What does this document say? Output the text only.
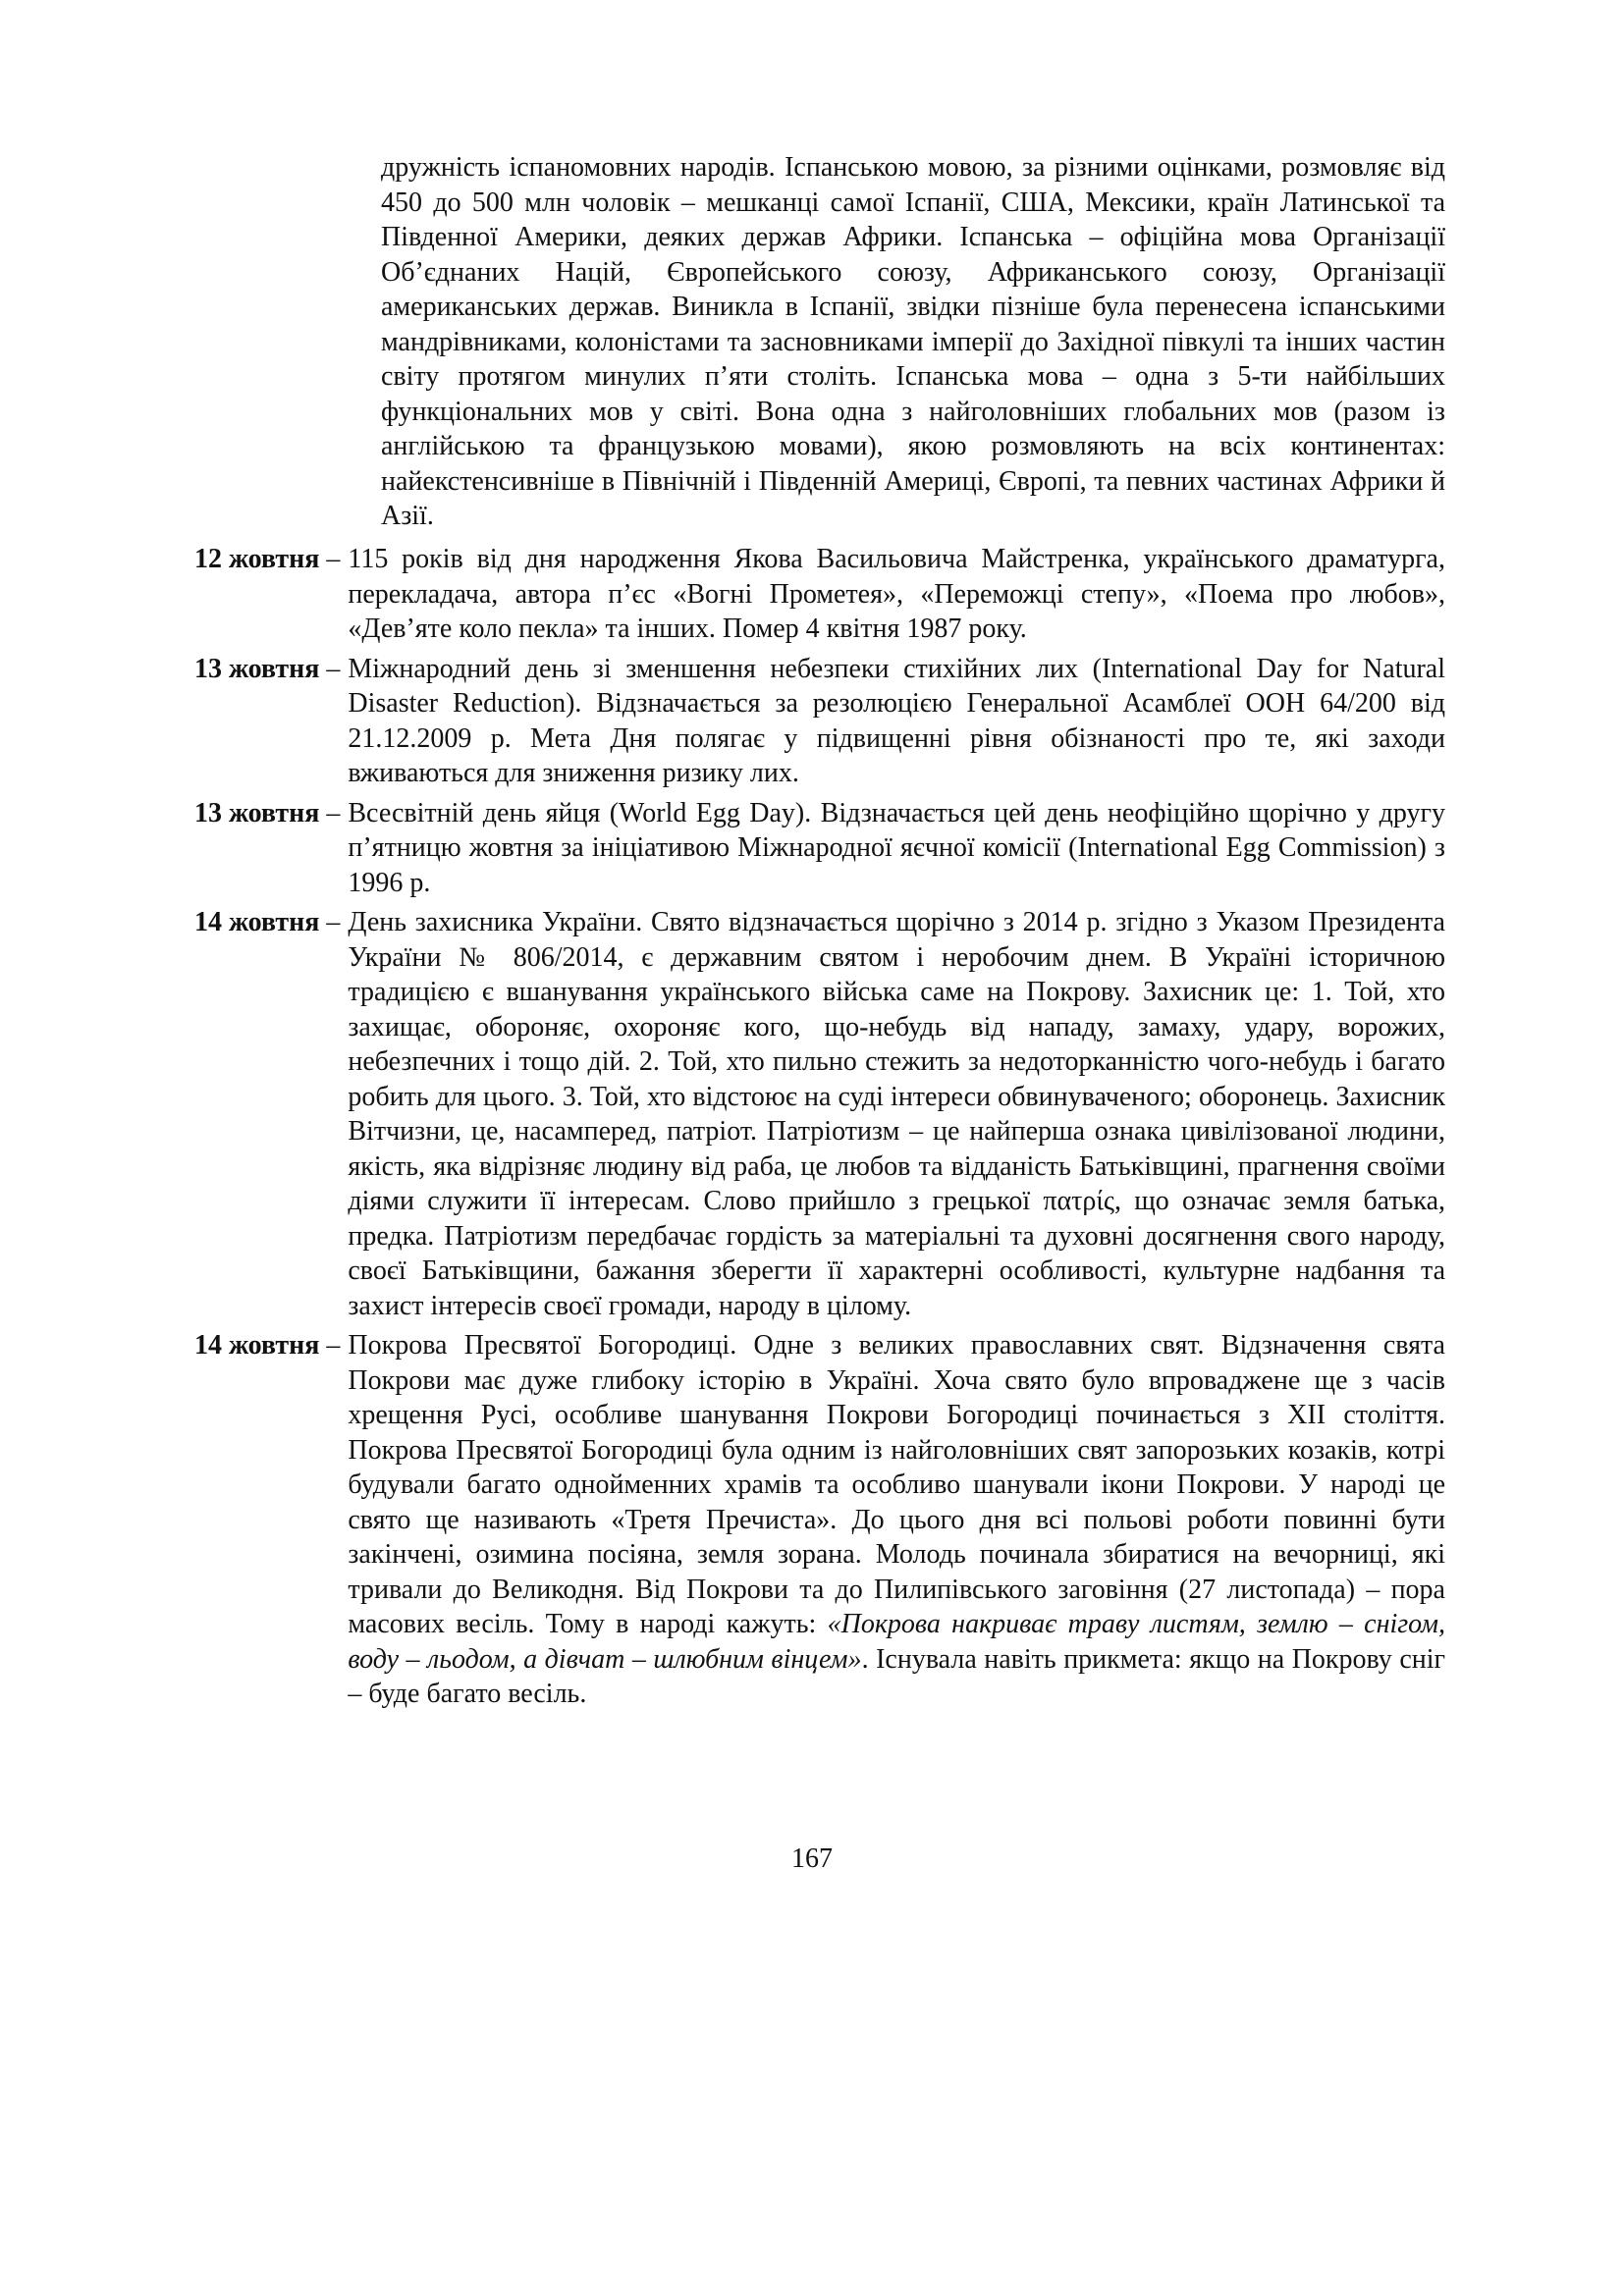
дружність іспаномовних народів. Іспанською мовою, за різними оцінками, розмовляє від 450 до 500 млн чоловік – мешканці самої Іспанії, США, Мексики, країн Латинської та Південної Америки, деяких держав Африки. Іспанська – офіційна мова Організації Об’єднаних Націй, Європейського союзу, Африканського союзу, Організації американських держав. Виникла в Іспанії, звідки пізніше була перенесена іспанськими мандрівниками, колоністами та засновниками імперії до Західної півкулі та інших частин світу протягом минулих п’яти століть. Іспанська мова – одна з 5-ти найбільших функціональних мов у світі. Вона одна з найголовніших глобальних мов (разом із англійською та французькою мовами), якою розмовляють на всіх континентах: найекстенсивніше в Північній і Південній Америці, Європі, та певних частинах Африки й Азії.

12 жовтня – 115 років від дня народження Якова Васильовича Майстренка, українського драматурга, перекладача, автора п’єс «Вогні Прометея», «Переможці степу», «Поема про любов», «Дев’яте коло пекла» та інших. Помер 4 квітня 1987 року.
13 жовтня – Міжнародний день зі зменшення небезпеки стихійних лих (International Day for Natural Disaster Reduction). Відзначається за резолюцією Генеральної Асамблеї ООН 64/200 від 21.12.2009 р. Мета Дня полягає у підвищенні рівня обізнаності про те, які заходи вживаються для зниження ризику лих.
13 жовтня – Всесвітній день яйця (World Egg Day). Відзначається цей день неофіційно щорічно у другу п’ятницю жовтня за ініціативою Міжнародної яєчної комісії (International Egg Commission) з 1996 р.
14 жовтня – День захисника України. Свято відзначається щорічно з 2014 р. згідно з Указом Президента України № 806/2014, є державним святом і неробочим днем. В Україні історичною традицією є вшанування українського війська саме на Покрову. Захисник це: 1. Той, хто захищає, обороняє, охороняє кого, що-небудь від нападу, замаху, удару, ворожих, небезпечних і тощо дій. 2. Той, хто пильно стежить за недоторканністю чого-небудь і багато робить для цього. 3. Той, хто відстоює на суді інтереси обвинуваченого; оборонець. Захисник Вітчизни, це, насамперед, патріот. Патріотизм – це найперша ознака цивілізованої людини, якість, яка відрізняє людину від раба, це любов та відданість Батьківщині, прагнення своїми діями служити її інтересам. Слово прийшло з грецької πατρίς, що означає земля батька, предка. Патріотизм передбачає гордість за матеріальні та духовні досягнення свого народу, своєї Батьківщини, бажання зберегти її характерні особливості, культурне надбання та захист інтересів своєї громади, народу в цілому.
14 жовтня – Покрова Пресвятої Богородиці. Одне з великих православних свят. Відзначення свята Покрови має дуже глибоку історію в Україні. Хоча свято було впроваджене ще з часів хрещення Русі, особливе шанування Покрови Богородиці починається з XII століття. Покрова Пресвятої Богородиці була одним із найголовніших свят запорозьких козаків, котрі будували багато однойменних храмів та особливо шанували ікони Покрови. У народі це свято ще називають «Третя Пречиста». До цього дня всі польові роботи повинні бути закінчені, озимина посіяна, земля зорана. Молодь починала збиратися на вечорниці, які тривали до Великодня. Від Покрови та до Пилипівського заговіння (27 листопада) – пора масових весіль. Тому в народі кажуть: «Покрова накриває траву листям, землю – снігом, воду – льодом, а дівчат – шлюбним вінцем». Існувала навіть прикмета: якщо на Покрову сніг – буде багато весіль.
167
